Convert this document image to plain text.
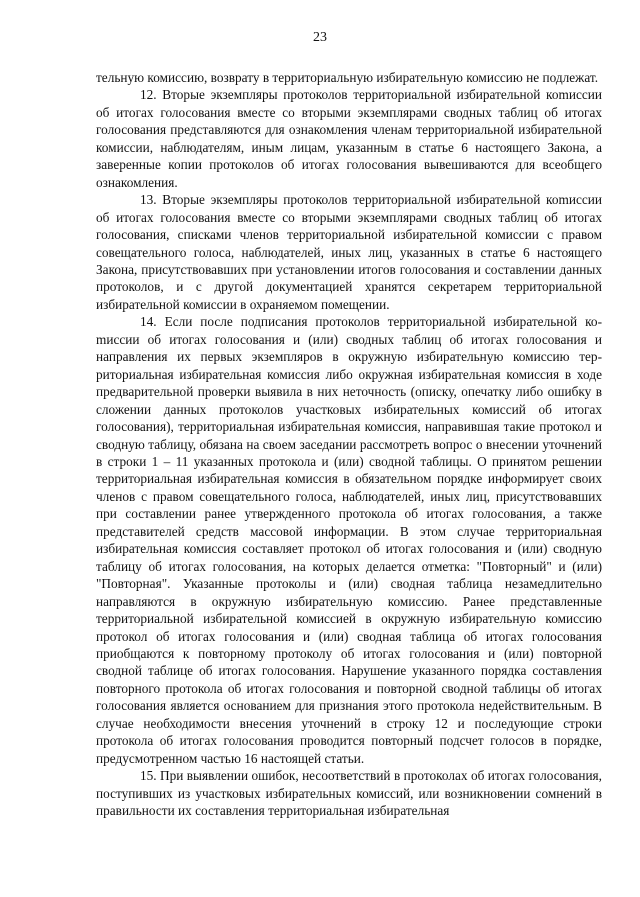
23

тельную комиссию, возврату в территориальную избирательную комиссию не подлежат.

12. Вторые экземпляры протоколов территориальной избирательной коmиссии об итогах голосования вместе со вторыми экземплярами сводных таблиц об итогах голосования представляются для ознакомления членам территориальной избирательной комиссии, наблюдателям, иным лицам, указанным в статье 6 настоящего Закона, а заверенные копии протоколов об итогах голосования вывешиваются для всеобщего ознакомления.

13. Вторые экземпляры протоколов территориальной избирательной коmиссии об итогах голосования вместе со вторыми экземплярами сводных таблиц об итогах голосования, списками членов территориальной избирательной комиссии с правом совещательного голоса, наблюдателей, иных лиц, указанных в статье 6 настоящего Закона, присутствовавших при установлении итогов голосования и составлении данных протоколов, и с другой документацией хранятся секретарем территориальной избирательной комиссии в охраняемом помещении.

14. Если после подписания протоколов территориальной избирательной коmиссии об итогах голосования и (или) сводных таблиц об итогах голосования и направления их первых экземпляров в окружную избирательную комиссию территориальная избирательная комиссия либо окружная избирательная комиссия в ходе предварительной проверки выявила в них неточность (описку, опечатку либо ошибку в сложении данных протоколов участковых избирательных комиссий об итогах голосования), территориальная избирательная комиссия, направившая такие протокол и сводную таблицу, обязана на своем заседании рассмотреть вопрос о внесении уточнений в строки 1 – 11 указанных протокола и (или) сводной таблицы. О принятом решении территориальная избирательная комиссия в обязательном порядке информирует своих членов с правом совещательного голоса, наблюдателей, иных лиц, присутствовавших при составлении ранее утвержденного протокола об итогах голосования, а также представителей средств массовой информации. В этом случае территориальная избирательная комиссия составляет протокол об итогах голосования и (или) сводную таблицу об итогах голосования, на которых делается отметка: "Повторный" и (или) "Повторная". Указанные протоколы и (или) сводная таблица незамедлительно направляются в окружную избирательную комиссию. Ранее представленные территориальной избирательной комиссией в окружную избирательную комиссию протокол об итогах голосования и (или) сводная таблица об итогах голосования приобщаются к повторному протоколу об итогах голосования и (или) повторной сводной таблице об итогах голосования. Нарушение указанного порядка составления повторного протокола об итогах голосования и повторной сводной таблицы об итогах голосования является основанием для признания этого протокола недействительным. В случае необходимости внесения уточнений в строку 12 и последующие строки протокола об итогах голосования проводится повторный подсчет голосов в порядке, предусмотренном частью 16 настоящей статьи.

15. При выявлении ошибок, несоответствий в протоколах об итогах голосования, поступивших из участковых избирательных комиссий, или возникновении сомнений в правильности их составления территориальная избирательная
